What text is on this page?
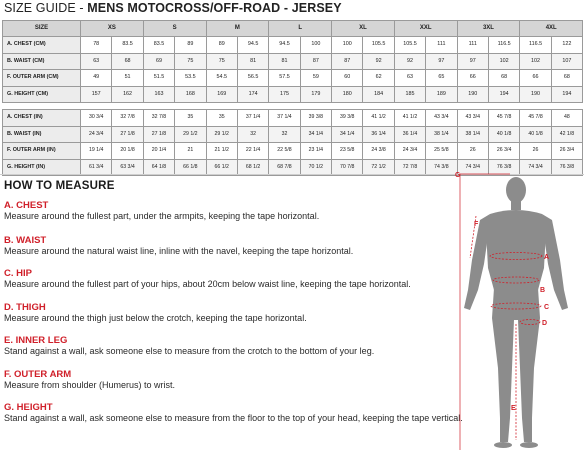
SIZE GUIDE - MENS MOTOCROSS/OFF-ROAD - JERSEY
SIZE	XS		S		M		L		XL		XXL		3XL		4XL	
A. CHEST (CM)	78	83.5	83.5	89	89	94.5	94.5	100	100	105.5	105.5	111	111	116.5	116.5	122
B. WAIST (CM)	63	68	69	75	75	81	81	87	87	92	92	97	97	102	102	107
F. OUTER ARM (CM)	49	51	51.5	53.5	54.5	56.5	57.5	59	60	62	63	65	66	68	66	68
G. HEIGHT (CM)	157	162	163	168	169	174	175	179	180	184	185	189	190	194	190	194

A. CHEST (IN)	30 3/4	32 7/8	32 7/8	35	35	37 1/4	37 1/4	39 3/8	39 3/8	41 1/2	41 1/2	43 3/4	43 3/4	45 7/8	45 7/8	48
B. WAIST (IN)	24 3/4	27 1/8	27 1/8	29 1/2	29 1/2	32	32	34 1/4	34 1/4	36 1/4	36 1/4	38 1/4	38 1/4	40 1/8	40 1/8	42 1/8
F. OUTER ARM (IN)	19 1/4	20 1/8	20 1/4	21	21 1/2	22 1/4	22 5/8	23 1/4	23 5/8	24 3/8	24 3/4	25 5/8	26	26 3/4	26	26 3/4
G. HEIGHT (IN)	61 3/4	63 3/4	64 1/8	66 1/8	66 1/2	68 1/2	68 7/8	70 1/2	70 7/8	72 1/2	72 7/8	74 3/8	74 3/4	76 3/8	74 3/4	76 3/8
HOW TO MEASURE
A. CHEST
Measure around the fullest part, under the armpits, keeping the tape horizontal.
B. WAIST
Measure around the natural waist line, inline with the navel, keeping the tape horizontal.
C. HIP
Measure around the fullest part of your hips, about 20cm below waist line, keeping the tape horizontal.
D. THIGH
Measure around the thigh just below the crotch, keeping the tape horizontal.
E. INNER LEG
Stand against a wall, ask someone else to measure from the crotch to the bottom of your leg.
F. OUTER ARM
Measure from shoulder (Humerus) to wrist.
G. HEIGHT
Stand against a wall, ask someone else to measure from the floor to the top of your head, keeping the tape vertical.
G
F
A
B
C
D
E
